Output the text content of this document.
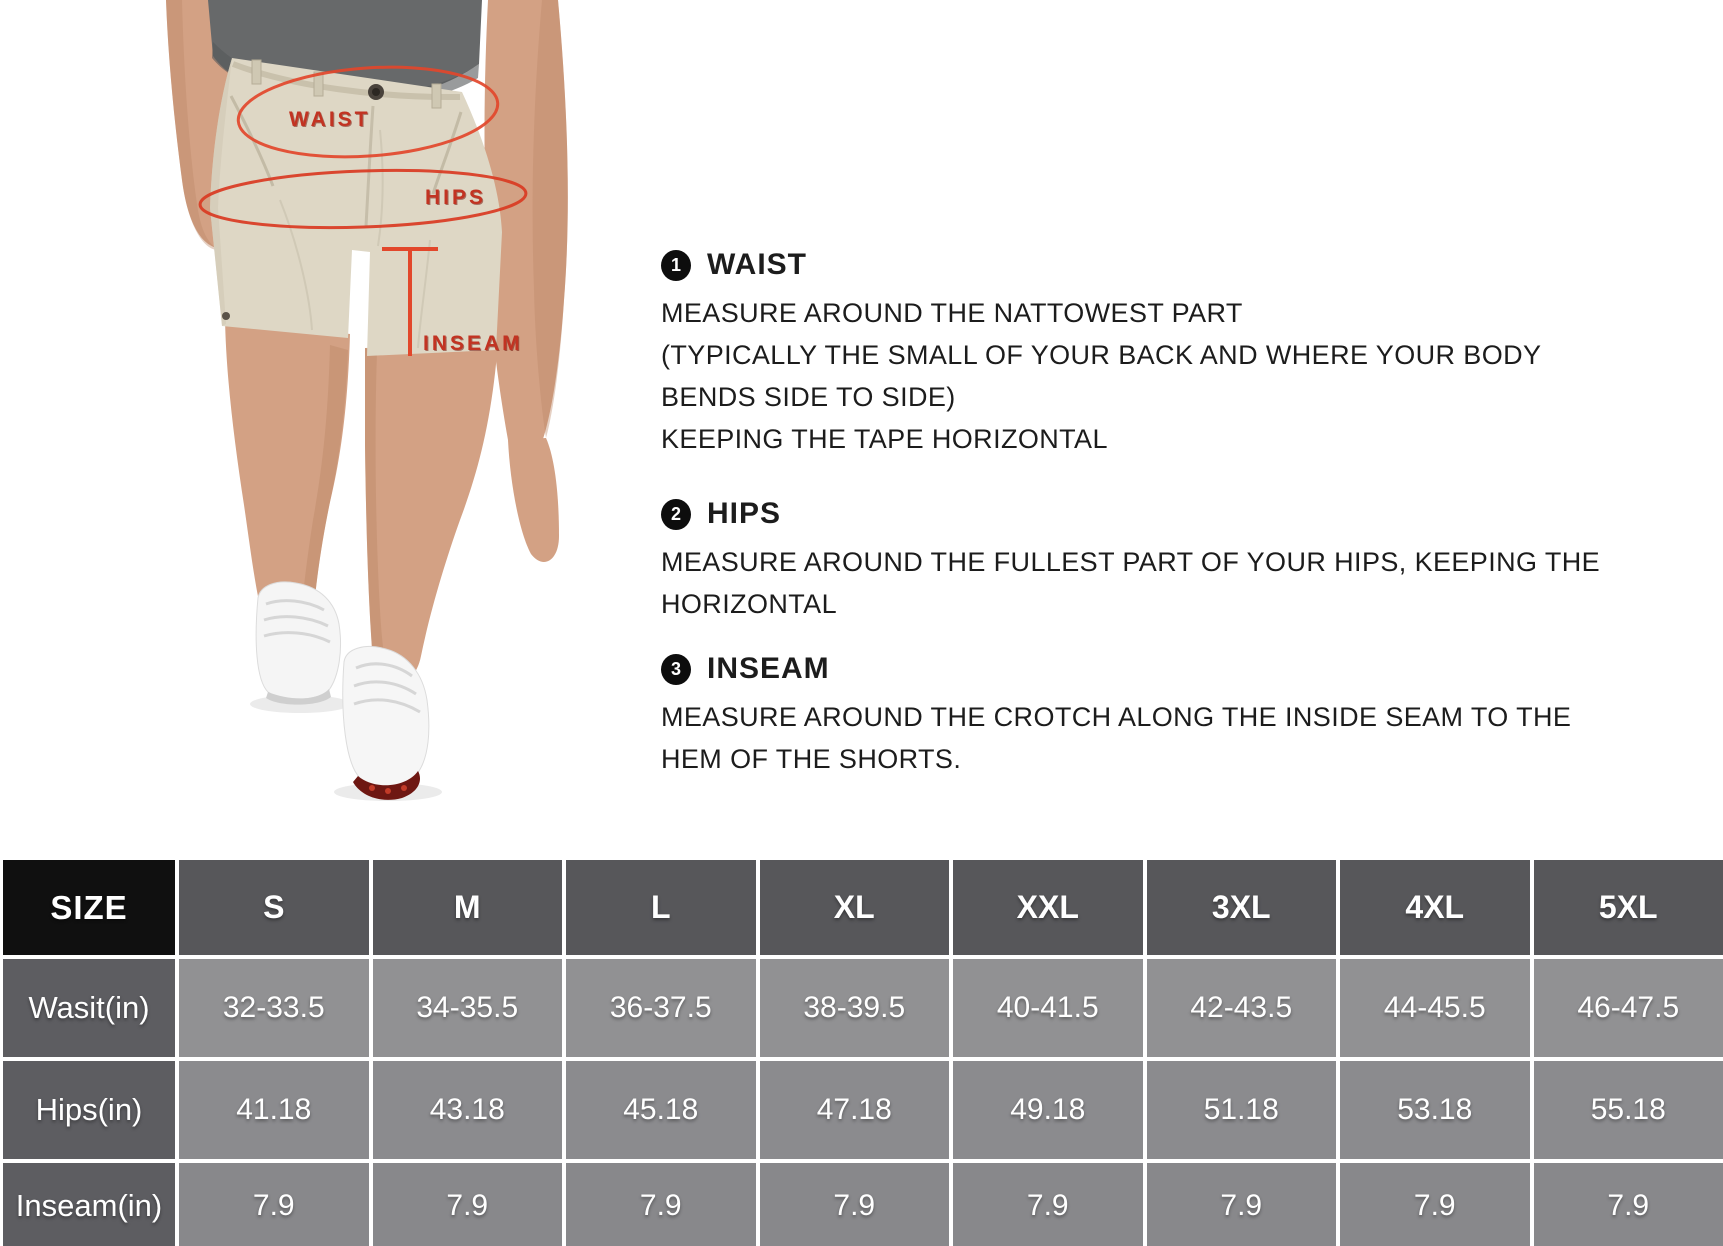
WAIST
HIPS
INSEAM
1 WAIST
MEASURE AROUND THE NATTOWEST PART
(TYPICALLY THE SMALL OF YOUR BACK AND WHERE YOUR BODY
BENDS SIDE TO SIDE)
KEEPING THE TAPE HORIZONTAL
2 HIPS
MEASURE AROUND THE FULLEST PART OF YOUR HIPS, KEEPING THE
HORIZONTAL
3 INSEAM
MEASURE AROUND THE CROTCH ALONG THE INSIDE SEAM TO THE
HEM OF THE SHORTS.
SIZE	S	M	L	XL	XXL	3XL	4XL	5XL
Wasit(in)	32-33.5	34-35.5	36-37.5	38-39.5	40-41.5	42-43.5	44-45.5	46-47.5
Hips(in)	41.18	43.18	45.18	47.18	49.18	51.18	53.18	55.18
Inseam(in)	7.9	7.9	7.9	7.9	7.9	7.9	7.9	7.9
